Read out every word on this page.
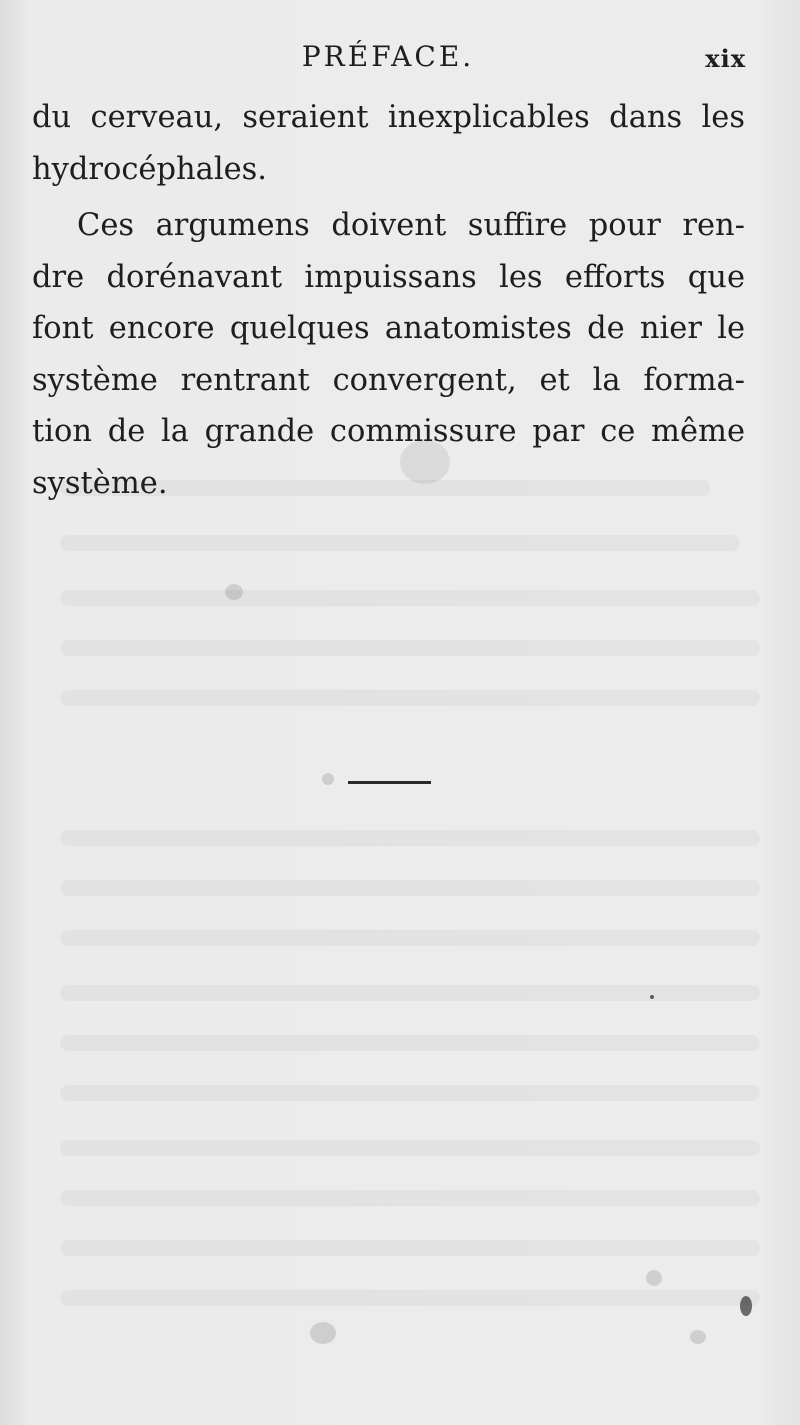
PRÉFACE.	xix
du cerveau, seraient inexplicables dans les
hydrocéphales.
Ces argumens doivent suffire pour ren-
dre dorénavant impuissans les efforts que
font encore quelques anatomistes de nier le
système rentrant convergent, et la forma-
tion de la grande commissure par ce même
système.
